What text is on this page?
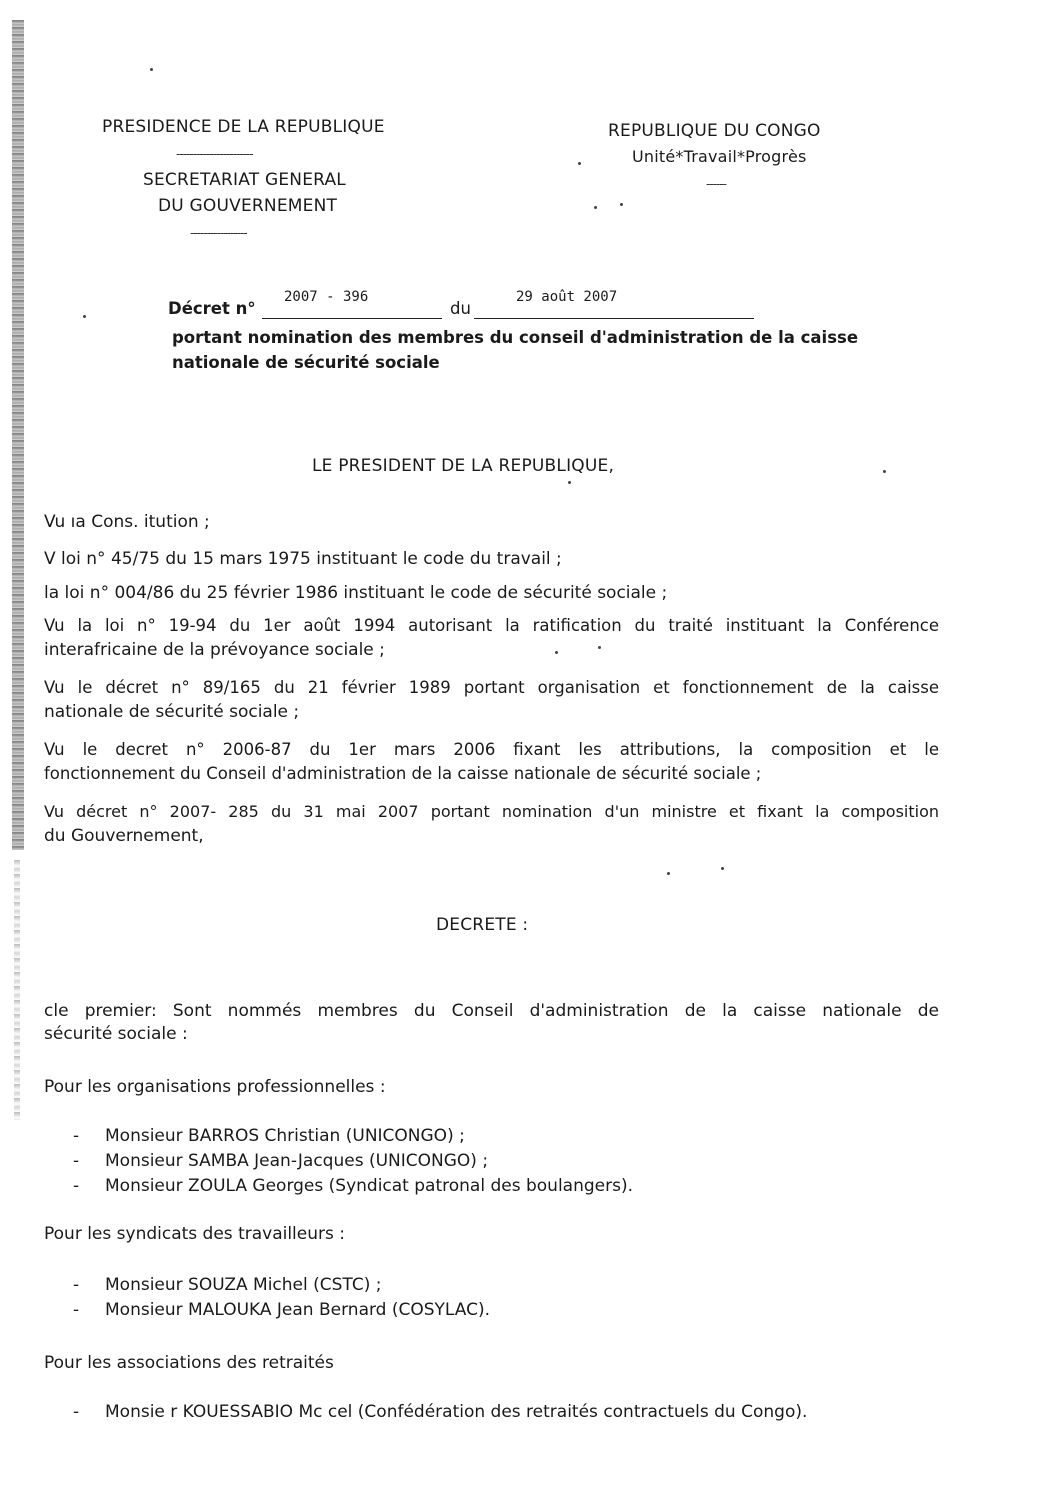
PRESIDENCE DE LA REPUBLIQUE
-----------------------
SECRETARIAT GENERAL
DU GOUVERNEMENT
-----------------
REPUBLIQUE DU CONGO
Unité*Travail*Progrès
------
Décret n°
2007 - 396
du
29 août 2007
portant nomination des membres du conseil d'administration de la caisse
nationale de sécurité sociale
LE PRESIDENT DE LA REPUBLIQUE,
Vu ıa Cons. itution ;
V loi n° 45/75 du 15 mars 1975 instituant le code du travail ;
la loi n° 004/86 du 25 février 1986 instituant le code de sécurité sociale ;
Vu la loi n° 19-94 du 1er août 1994 autorisant la ratification du traité instituant la Conférence
interafricaine de la prévoyance sociale ;
Vu le décret n° 89/165 du 21 février 1989 portant organisation et fonctionnement de la caisse
nationale de sécurité sociale ;
Vu le decret n° 2006-87 du 1er mars 2006 fixant les attributions, la composition et le
fonctionnement du Conseil d'administration de la caisse nationale de sécurité sociale ;
Vu décret n° 2007- 285 du 31 mai 2007 portant nomination d'un ministre et fixant la composition
du Gouvernement,
DECRETE :
cle premier: Sont nommés membres du Conseil d'administration de la caisse nationale de
sécurité sociale :
Pour les organisations professionnelles :
- Monsieur BARROS Christian (UNICONGO) ;
- Monsieur SAMBA Jean-Jacques (UNICONGO) ;
- Monsieur ZOULA Georges (Syndicat patronal des boulangers).
Pour les syndicats des travailleurs :
- Monsieur SOUZA Michel (CSTC) ;
- Monsieur MALOUKA Jean Bernard (COSYLAC).
Pour les associations des retraités
- Monsie r KOUESSABIO Mc cel (Confédération des retraités contractuels du Congo).
